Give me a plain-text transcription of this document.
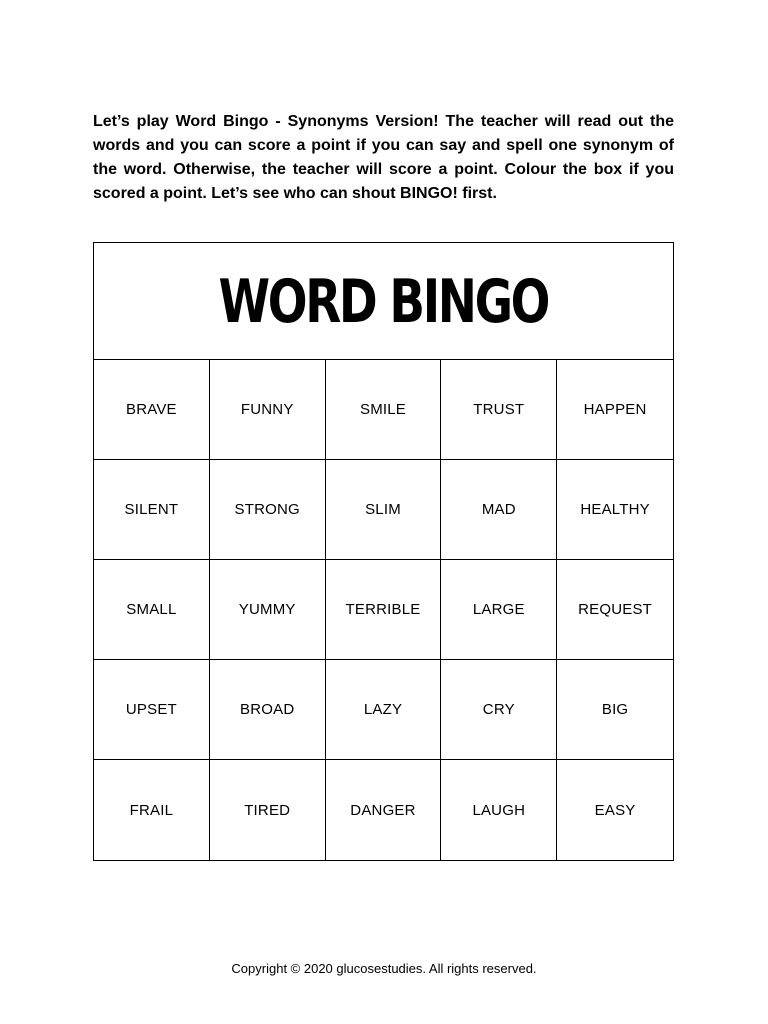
Let’s play Word Bingo - Synonyms Version! The teacher will read out the words and you can score a point if you can say and spell one synonym of the word. Otherwise, the teacher will score a point. Colour the box if you scored a point. Let’s see who can shout BINGO! first.

WORD BINGO
BRAVE	FUNNY	SMILE	TRUST	HAPPEN
SILENT	STRONG	SLIM	MAD	HEALTHY
SMALL	YUMMY	TERRIBLE	LARGE	REQUEST
UPSET	BROAD	LAZY	CRY	BIG
FRAIL	TIRED	DANGER	LAUGH	EASY
Copyright © 2020 glucosestudies. All rights reserved.
